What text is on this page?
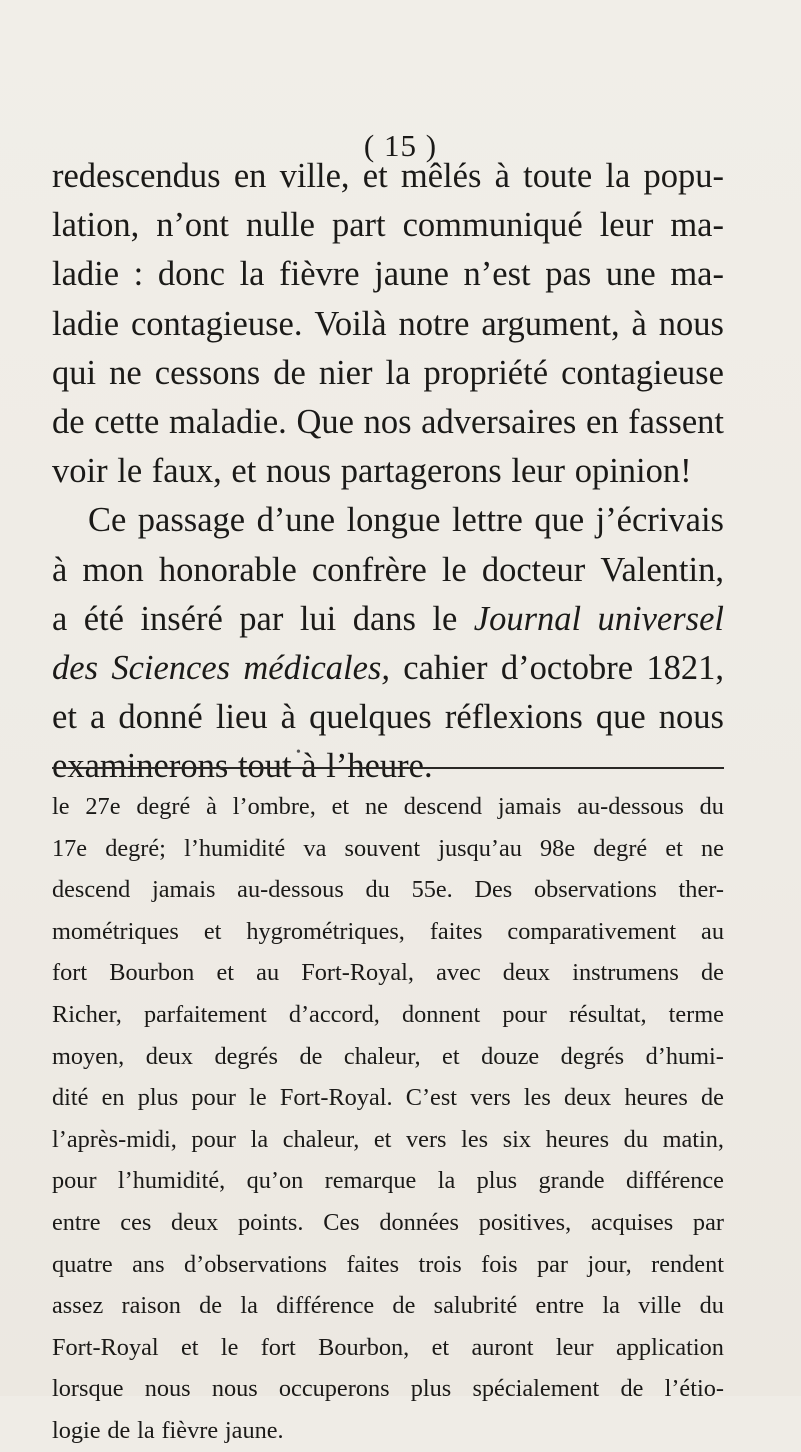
( 15 )
redescendus en ville, et mêlés à toute la popu-
lation, n’ont nulle part communiqué leur ma-
ladie : donc la fièvre jaune n’est pas une ma-
ladie contagieuse. Voilà notre argument, à nous
qui ne cessons de nier la propriété contagieuse
de cette maladie. Que nos adversaires en fassent
voir le faux, et nous partagerons leur opinion!
Ce passage d’une longue lettre que j’écrivais
à mon honorable confrère le docteur Valentin,
a été inséré par lui dans le Journal universel
des Sciences médicales, cahier d’octobre 1821,
et a donné lieu à quelques réflexions que nous
examinerons tout à l’heure.
•
le 27e degré à l’ombre, et ne descend jamais au-dessous du
17e degré; l’humidité va souvent jusqu’au 98e degré et ne
descend jamais au-dessous du 55e. Des observations ther-
mométriques et hygrométriques, faites comparativement au
fort Bourbon et au Fort-Royal, avec deux instrumens de
Richer, parfaitement d’accord, donnent pour résultat, terme
moyen, deux degrés de chaleur, et douze degrés d’humi-
dité en plus pour le Fort-Royal. C’est vers les deux heures de
l’après-midi, pour la chaleur, et vers les six heures du matin,
pour l’humidité, qu’on remarque la plus grande différence
entre ces deux points. Ces données positives, acquises par
quatre ans d’observations faites trois fois par jour, rendent
assez raison de la différence de salubrité entre la ville du
Fort-Royal et le fort Bourbon, et auront leur application
lorsque nous nous occuperons plus spécialement de l’étio-
logie de la fièvre jaune.
